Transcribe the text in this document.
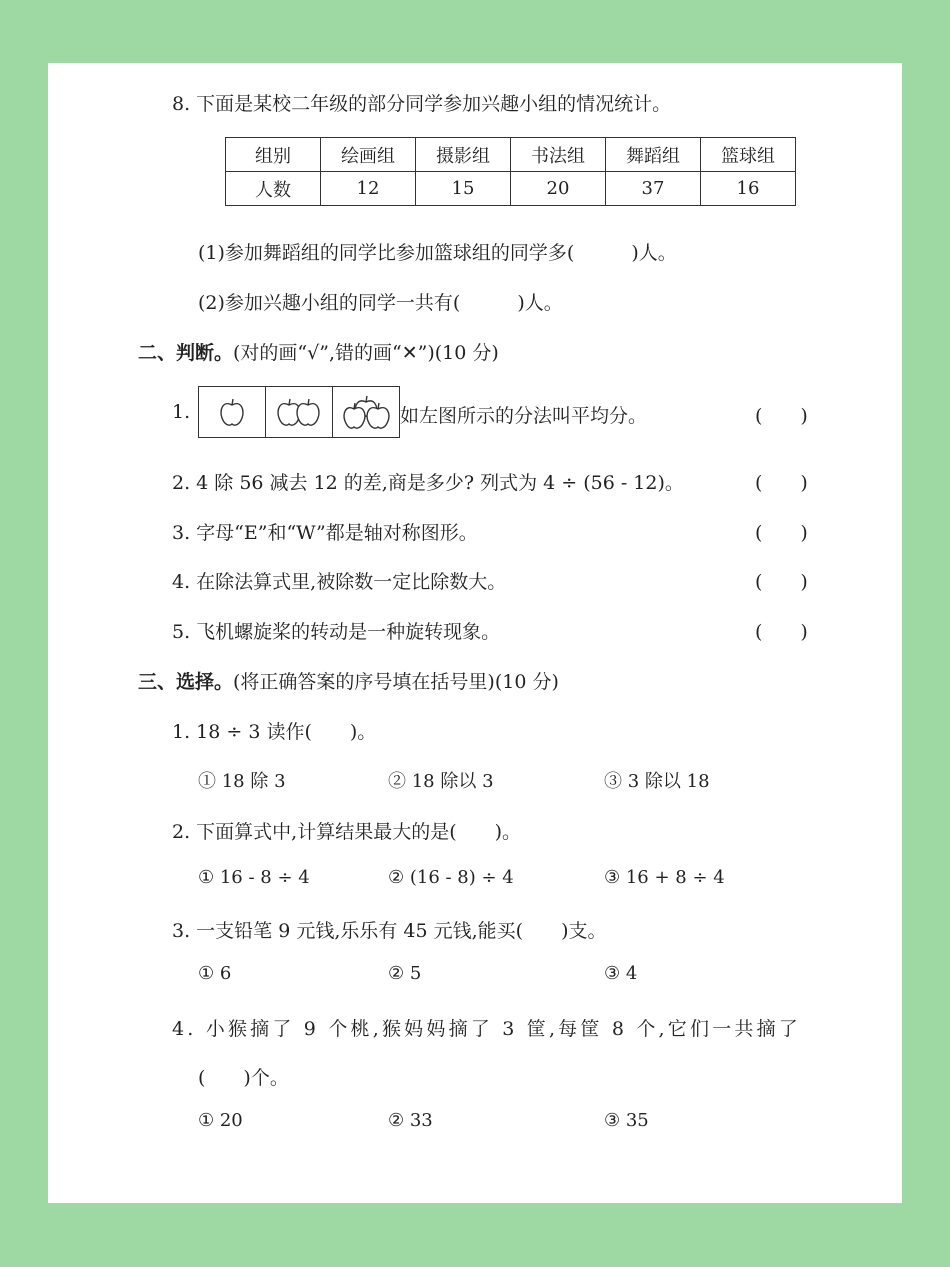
8. 下面是某校二年级的部分同学参加兴趣小组的情况统计。
组别	绘画组	摄影组	书法组	舞蹈组	篮球组
人数	12	15	20	37	16
(1)参加舞蹈组的同学比参加篮球组的同学多(　　　)人。
(2)参加兴趣小组的同学一共有(　　　)人。
二、判断。(对的画“√”,错的画“✕”)(10 分)
1.	如左图所示的分法叫平均分。	(　　)
2. 4 除 56 减去 12 的差,商是多少? 列式为 4 ÷ (56 - 12)。	(　　)
3. 字母“E”和“W”都是轴对称图形。	(　　)
4. 在除法算式里,被除数一定比除数大。	(　　)
5. 飞机螺旋桨的转动是一种旋转现象。	(　　)
三、选择。(将正确答案的序号填在括号里)(10 分)
1. 18 ÷ 3 读作(　　)。
① 18 除 3	② 18 除以 3	③ 3 除以 18
2. 下面算式中,计算结果最大的是(　　)。
① 16 - 8 ÷ 4	② (16 - 8) ÷ 4	③ 16 + 8 ÷ 4
3. 一支铅笔 9 元钱,乐乐有 45 元钱,能买(　　)支。
① 6	② 5	③ 4
4. 小猴摘了 9 个桃,猴妈妈摘了 3 筐,每筐 8 个,它们一共摘了
(　　)个。
① 20	② 33	③ 35
